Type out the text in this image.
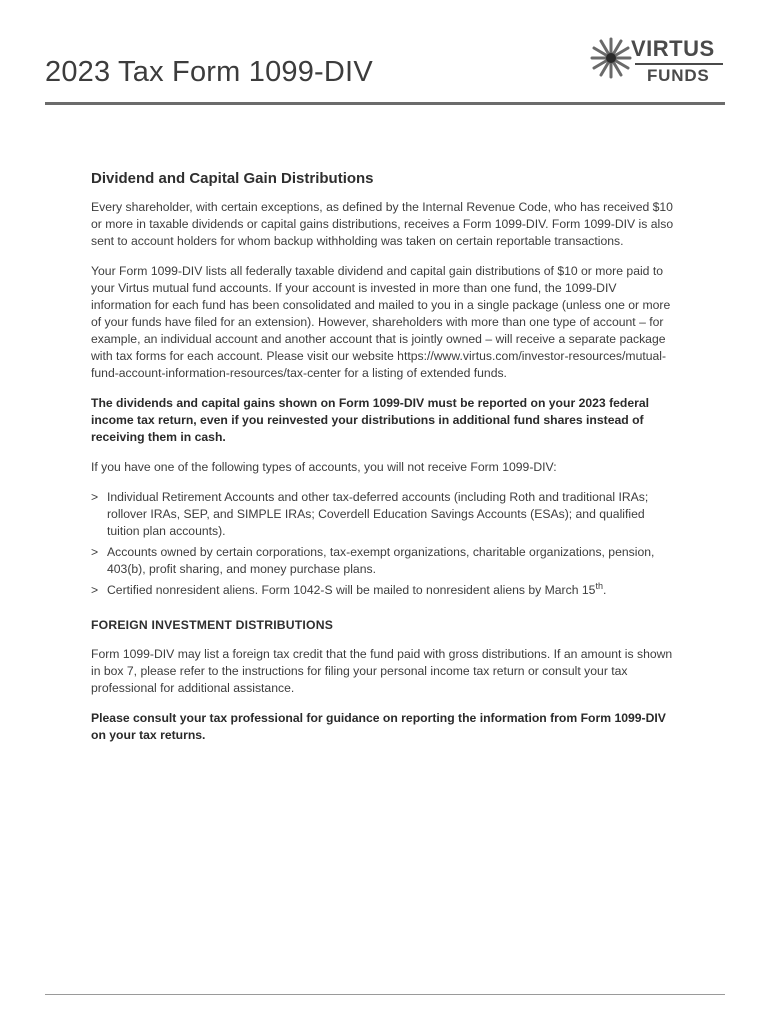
2023 Tax Form 1099-DIV
VIRTUS
FUNDS
Dividend and Capital Gain Distributions

Every shareholder, with certain exceptions, as defined by the Internal Revenue Code, who has received $10 or more in taxable dividends or capital gains distributions, receives a Form 1099-DIV. Form 1099-DIV is also sent to account holders for whom backup withholding was taken on certain reportable transactions.

Your Form 1099-DIV lists all federally taxable dividend and capital gain distributions of $10 or more paid to your Virtus mutual fund accounts. If your account is invested in more than one fund, the 1099-DIV information for each fund has been consolidated and mailed to you in a single package (unless one or more of your funds have filed for an extension). However, shareholders with more than one type of account – for example, an individual account and another account that is jointly owned – will receive a separate package with tax forms for each account. Please visit our website https://www.virtus.com/investor-resources/mutual-fund-account-information-resources/tax-center for a listing of extended funds.

The dividends and capital gains shown on Form 1099-DIV must be reported on your 2023 federal income tax return, even if you reinvested your distributions in additional fund shares instead of receiving them in cash.

If you have one of the following types of accounts, you will not receive Form 1099-DIV:

> Individual Retirement Accounts and other tax-deferred accounts (including Roth and traditional IRAs; rollover IRAs, SEP, and SIMPLE IRAs; Coverdell Education Savings Accounts (ESAs); and qualified tuition plan accounts).
> Accounts owned by certain corporations, tax-exempt organizations, charitable organizations, pension, 403(b), profit sharing, and money purchase plans.
> Certified nonresident aliens. Form 1042-S will be mailed to nonresident aliens by March 15th.
FOREIGN INVESTMENT DISTRIBUTIONS

Form 1099-DIV may list a foreign tax credit that the fund paid with gross distributions. If an amount is shown in box 7, please refer to the instructions for filing your personal income tax return or consult your tax professional for additional assistance.

Please consult your tax professional for guidance on reporting the information from Form 1099-DIV on your tax returns.
